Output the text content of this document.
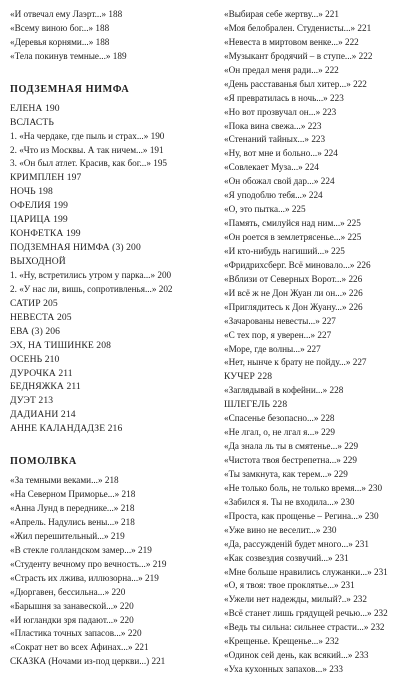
«И отвечал ему Лаэрт...» 188
«Всему виною бог...» 188
«Деревья корнями...» 188
«Тела покинув темные...» 189
ПОДЗЕМНАЯ НИМФА
ЕЛЕНА 190
ВСЛАСТЬ
1. «На чердаке, где пыль и страх...» 190
2. «Что из Москвы. А так ничем...» 191
3. «Он был атлет. Красив, как бог...» 195
КРИМПЛЕН 197
НОЧЬ 198
ОФЕЛИЯ 199
ЦАРИЦА 199
КОНФЕТКА 199
ПОДЗЕМНАЯ НИМФА (3) 200
ВЫХОДНОЙ
1. «Ну, встретились утром у парка...» 200
2. «У нас ли, вишь, сопротивленья...» 202
САТИР 205
НЕВЕСТА 205
ЕВА (3) 206
ЭХ, НА ТИШИНКЕ 208
ОСЕНЬ 210
ДУРОЧКА 211
БЕДНЯЖКА 211
ДУЭТ 213
ДАДИАНИ 214
АННЕ КАЛАНДАДЗЕ 216
ПОМОЛВКА
«За темными веками...» 218
«На Северном Приморье...» 218
«Анна Лунд в переднике...» 218
«Апрель. Надулись вены...» 218
«Жил перешительный...» 219
«В стекле голландском замер...» 219
«Студенту вечному про вечность...» 219
«Страсть их лжива, иллюзорна...» 219
«Дюргавен, бессильна...» 220
«Барышня за занавеской...» 220
«И югландки зря падают...» 220
«Пластика точных запасов...» 220
«Сократ нет во всех Афинах...» 221
СКАЗКА (Ночами из-под церкви...) 221
«Выбирая себе жертву...» 221
«Моя белобрален. Студенисты...» 221
«Невеста в миртовом венке...» 222
«Музыкант бродячий – в ступе...» 222
«Он предал меня ради...» 222
«День расставанья был хитер...» 222
«Я превратилась в ночь...» 223
«Но вот прозвучал он...» 223
«Пока вина свежа...» 223
«Стенаний тайных...» 223
«Ну, вот мне и больно...» 224
«Совлекает Муза...» 224
«Он обожал свой дар...» 224
«Я уподоблю тебя...» 224
«О, это пытка...» 225
«Память, смилуйся над ним...» 225
«Он роется в землетрясенье...» 225
«И кто-нибудь нагиший...» 225
«Фридрихсберг. Всё миновало...» 226
«Вблизи от Северных Ворот...» 226
«И всё ж не Дон Жуан ли он...» 226
«Приглядитесь к Дон Жуану...» 226
«Зачарованы невесты...» 227
«С тех пор, я уверен...» 227
«Море, где волны...» 227
«Нет, нынче к брату не пойду...» 227
КУЧЕР 228
«Заглядывай в кофейни...» 228
ШЛЕГЕЛЬ 228
«Спасенье безопасно...» 228
«Не лгал, о, не лгал я...» 229
«Да знала ль ты в смятенье...» 229
«Чистота твоя бестрепетна...» 229
«Ты замкнута, как терем...» 229
«Не только боль, не только время...» 230
«Забился я. Ты не входила...» 230
«Проста, как прощенье – Регина...» 230
«Уже вино не веселит...» 230
«Да, рассужденій будет много...» 231
«Как созвездия созвучий...» 231
«Мне больше нравились служанки...» 231
«О, я твоя: твое проклятье...» 231
«Ужели нет надежды, милый?..» 232
«Всё станет лишь грядущей речью...» 232
«Ведь ты сильна: сильнее страсти...» 232
«Крещенье. Крещенье...» 232
«Одинок сей день, как всякий...» 233
«Уха кухонных запахов...» 233
